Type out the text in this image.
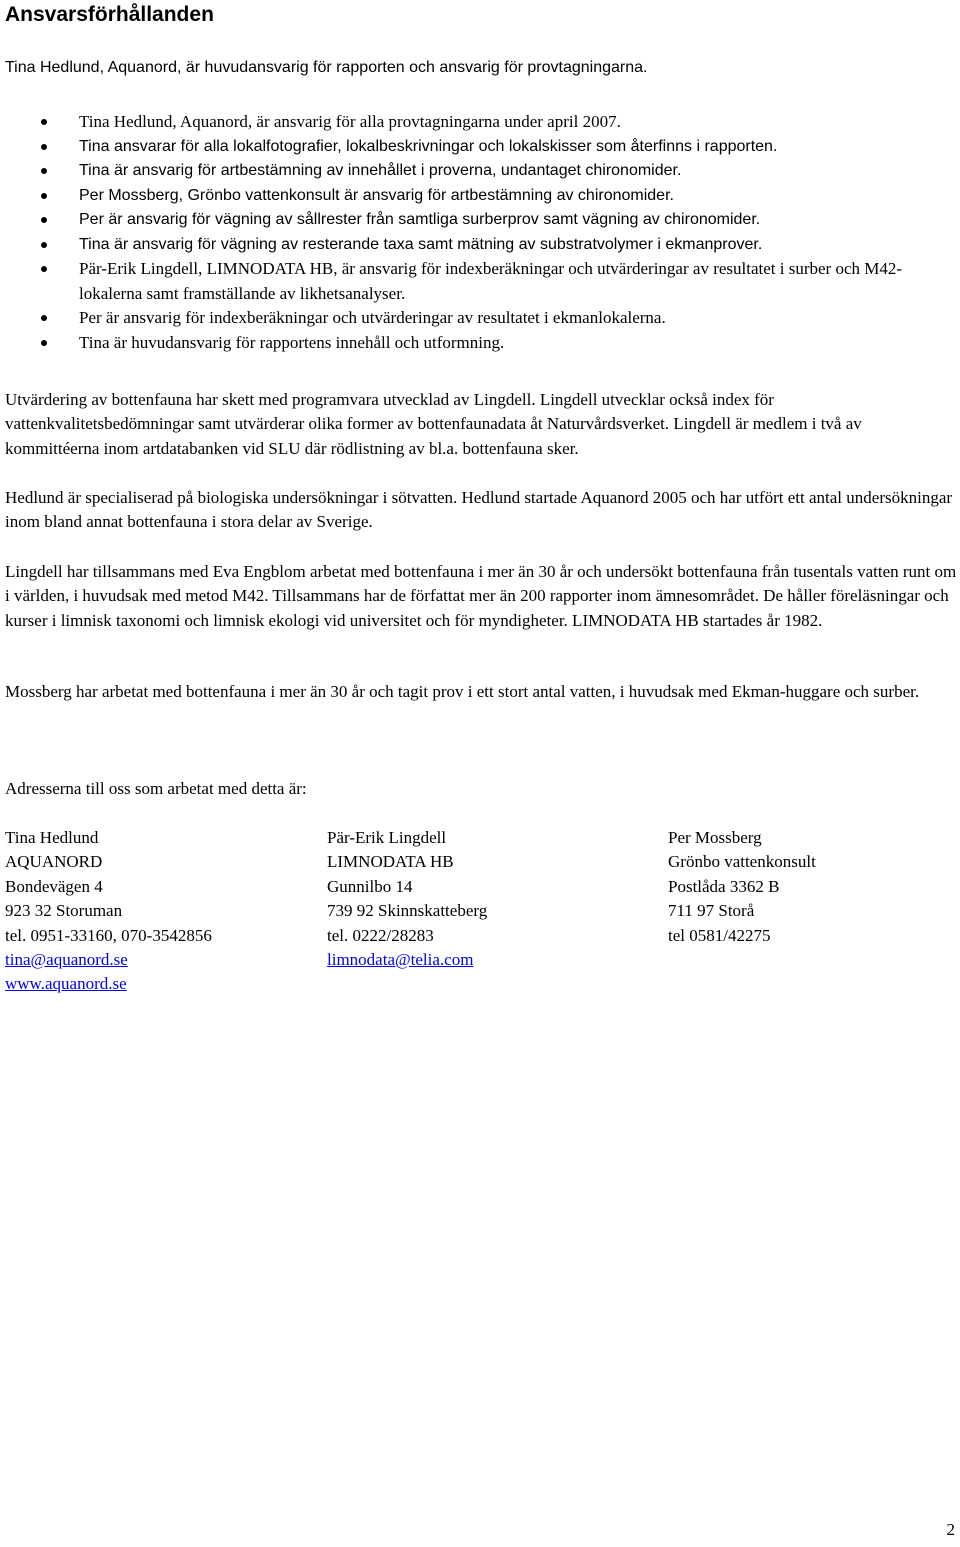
Ansvarsförhållanden

Tina Hedlund, Aquanord, är huvudansvarig för rapporten och ansvarig för provtagningarna.

Tina Hedlund, Aquanord, är ansvarig för alla provtagningarna under april 2007.
Tina ansvarar för alla lokalfotografier, lokalbeskrivningar och lokalskisser som återfinns i rapporten.
Tina är ansvarig för artbestämning av innehållet i proverna, undantaget chironomider.
Per Mossberg, Grönbo vattenkonsult är ansvarig för artbestämning av chironomider.
Per är ansvarig för vägning av sållrester från samtliga surberprov samt vägning av chironomider.
Tina är ansvarig för vägning av resterande taxa samt mätning av substratvolymer i ekmanprover.
Pär-Erik Lingdell, LIMNODATA HB, är ansvarig för indexberäkningar och utvärderingar av resultatet i surber och M42-lokalerna samt framställande av likhetsanalyser.
Per är ansvarig för indexberäkningar och utvärderingar av resultatet i ekmanlokalerna.
Tina är huvudansvarig för rapportens innehåll och utformning.

Utvärdering av bottenfauna har skett med programvara utvecklad av Lingdell. Lingdell utvecklar också index för vattenkvalitetsbedömningar samt utvärderar olika former av bottenfaunadata åt Naturvårdsverket. Lingdell är medlem i två av kommittéerna inom artdatabanken vid SLU där rödlistning av bl.a. bottenfauna sker.

Hedlund är specialiserad på biologiska undersökningar i sötvatten. Hedlund startade Aquanord 2005 och har utfört ett antal undersökningar inom bland annat bottenfauna i stora delar av Sverige.

Lingdell har tillsammans med Eva Engblom arbetat med bottenfauna i mer än 30 år och undersökt bottenfauna från tusentals vatten runt om i världen, i huvudsak med metod M42. Tillsammans har de författat mer än 200 rapporter inom ämnesområdet. De håller föreläsningar och kurser i limnisk taxonomi och limnisk ekologi vid universitet och för myndigheter. LIMNODATA HB startades år 1982.

Mossberg har arbetat med bottenfauna i mer än 30 år och tagit prov i ett stort antal vatten, i huvudsak med Ekman-huggare och surber.

Adresserna till oss som arbetat med detta är:

Tina Hedlund
AQUANORD
Bondevägen 4
923 32 Storuman
tel. 0951-33160, 070-3542856
tina@aquanord.se
www.aquanord.se
Pär-Erik Lingdell
LIMNODATA HB
Gunnilbo 14
739 92 Skinnskatteberg
tel. 0222/28283
limnodata@telia.com
Per Mossberg
Grönbo vattenkonsult
Postlåda 3362 B
711 97 Storå
tel 0581/42275
2
